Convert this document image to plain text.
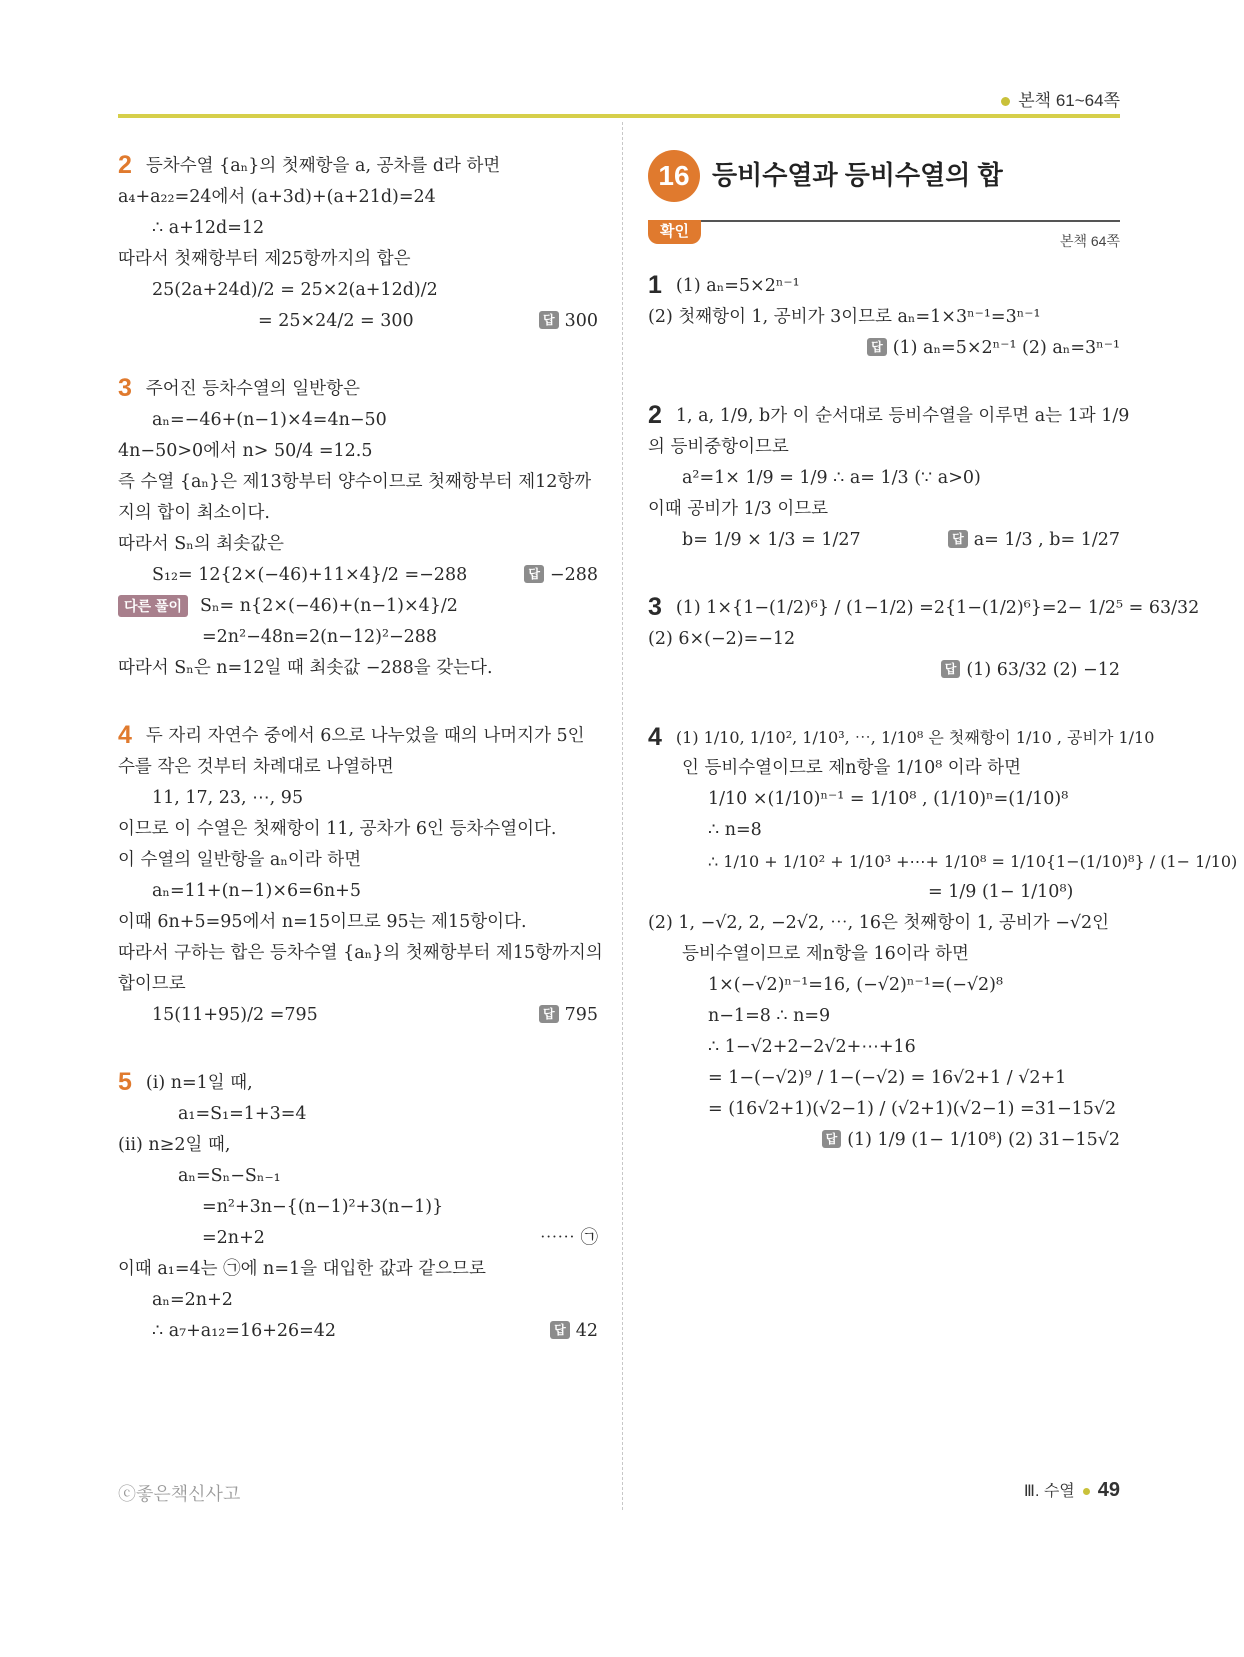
본책 61~64쪽
2 등차수열 {aₙ}의 첫째항을 a, 공차를 d라 하면
a₄+a₂₂=24에서 (a+3d)+(a+21d)=24
∴ a+12d=12
따라서 첫째항부터 제25항까지의 합은
25(2a+24d)/2 = 25×2(a+12d)/2
= 25×24/2 = 300	답 300
3 주어진 등차수열의 일반항은
aₙ=−46+(n−1)×4=4n−50
4n−50>0에서 n> 50/4 =12.5
즉 수열 {aₙ}은 제13항부터 양수이므로 첫째항부터 제12항까
지의 합이 최소이다.
따라서 Sₙ의 최솟값은
S₁₂= 12{2×(−46)+11×4}/2 =−288	답 −288
다른 풀이 Sₙ= n{2×(−46)+(n−1)×4}/2
=2n²−48n=2(n−12)²−288
따라서 Sₙ은 n=12일 때 최솟값 −288을 갖는다.
4 두 자리 자연수 중에서 6으로 나누었을 때의 나머지가 5인
수를 작은 것부터 차례대로 나열하면
11, 17, 23, ⋯, 95
이므로 이 수열은 첫째항이 11, 공차가 6인 등차수열이다.
이 수열의 일반항을 aₙ이라 하면
aₙ=11+(n−1)×6=6n+5
이때 6n+5=95에서 n=15이므로 95는 제15항이다.
따라서 구하는 합은 등차수열 {aₙ}의 첫째항부터 제15항까지의
합이므로
15(11+95)/2 =795	답 795
5 (ⅰ) n=1일 때,
a₁=S₁=1+3=4
(ⅱ) n≥2일 때,
aₙ=Sₙ−Sₙ₋₁
=n²+3n−{(n−1)²+3(n−1)}
=2n+2	⋯⋯ ㉠
이때 a₁=4는 ㉠에 n=1을 대입한 값과 같으므로
aₙ=2n+2
∴ a₇+a₁₂=16+26=42	답 42
16 등비수열과 등비수열의 합
확인
본책 64쪽
1 (1) aₙ=5×2ⁿ⁻¹
(2) 첫째항이 1, 공비가 3이므로 aₙ=1×3ⁿ⁻¹=3ⁿ⁻¹
답 (1) aₙ=5×2ⁿ⁻¹ (2) aₙ=3ⁿ⁻¹
2 1, a, 1/9, b가 이 순서대로 등비수열을 이루면 a는 1과 1/9
의 등비중항이므로
a²=1× 1/9 = 1/9 ∴ a= 1/3 (∵ a>0)
이때 공비가 1/3 이므로
b= 1/9 × 1/3 = 1/27	답 a= 1/3 , b= 1/27
3 (1) 1×{1−(1/2)⁶} / (1−1/2) =2{1−(1/2)⁶}=2− 1/2⁵ = 63/32
(2) 6×(−2)=−12
답 (1) 63/32 (2) −12
4 (1) 1/10, 1/10², 1/10³, ⋯, 1/10⁸ 은 첫째항이 1/10 , 공비가 1/10
인 등비수열이므로 제n항을 1/10⁸ 이라 하면
1/10 ×(1/10)ⁿ⁻¹ = 1/10⁸ , (1/10)ⁿ=(1/10)⁸
∴ n=8
∴ 1/10 + 1/10² + 1/10³ +⋯+ 1/10⁸ = 1/10{1−(1/10)⁸} / (1− 1/10)
= 1/9 (1− 1/10⁸)
(2) 1, −√2, 2, −2√2, ⋯, 16은 첫째항이 1, 공비가 −√2인
등비수열이므로 제n항을 16이라 하면
1×(−√2)ⁿ⁻¹=16, (−√2)ⁿ⁻¹=(−√2)⁸
n−1=8 ∴ n=9
∴ 1−√2+2−2√2+⋯+16
= 1−(−√2)⁹ / 1−(−√2) = 16√2+1 / √2+1
= (16√2+1)(√2−1) / (√2+1)(√2−1) =31−15√2
답 (1) 1/9 (1− 1/10⁸) (2) 31−15√2
ⓒ좋은책신사고	Ⅲ. 수열 49
